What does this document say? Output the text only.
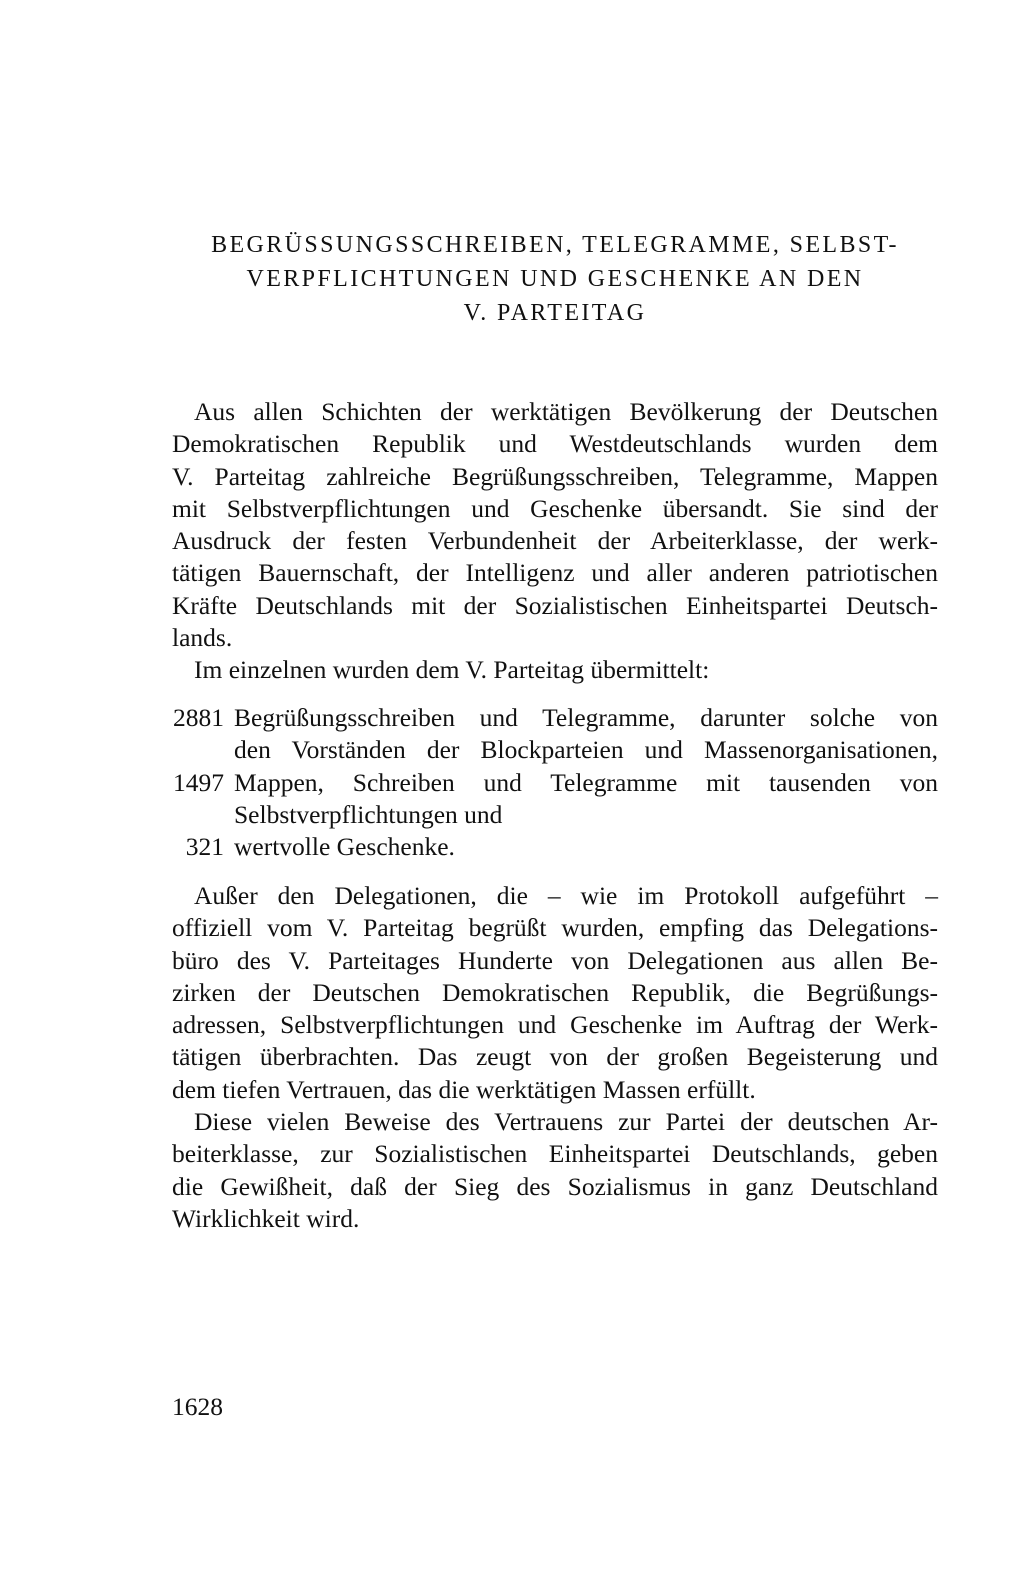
BEGRÜSSUNGSSCHREIBEN, TELEGRAMME, SELBST-
VERPFLICHTUNGEN UND GESCHENKE AN DEN
V. PARTEITAG

Aus allen Schichten der werktätigen Bevölkerung der Deutschen
Demokratischen Republik und Westdeutschlands wurden dem
V. Parteitag zahlreiche Begrüßungsschreiben, Telegramme, Mappen
mit Selbstverpflichtungen und Geschenke übersandt. Sie sind der
Ausdruck der festen Verbundenheit der Arbeiterklasse, der werk-
tätigen Bauernschaft, der Intelligenz und aller anderen patriotischen
Kräfte Deutschlands mit der Sozialistischen Einheitspartei Deutsch-
lands.

Im einzelnen wurden dem V. Parteitag übermittelt:

2881 Begrüßungsschreiben und Telegramme, darunter solche von
den Vorständen der Blockparteien und Massenorganisationen,
1497 Mappen, Schreiben und Telegramme mit tausenden von
Selbstverpflichtungen und
321 wertvolle Geschenke.

Außer den Delegationen, die – wie im Protokoll aufgeführt –
offiziell vom V. Parteitag begrüßt wurden, empfing das Delegations-
büro des V. Parteitages Hunderte von Delegationen aus allen Be-
zirken der Deutschen Demokratischen Republik, die Begrüßungs-
adressen, Selbstverpflichtungen und Geschenke im Auftrag der Werk-
tätigen überbrachten. Das zeugt von der großen Begeisterung und
dem tiefen Vertrauen, das die werktätigen Massen erfüllt.

Diese vielen Beweise des Vertrauens zur Partei der deutschen Ar-
beiterklasse, zur Sozialistischen Einheitspartei Deutschlands, geben
die Gewißheit, daß der Sieg des Sozialismus in ganz Deutschland
Wirklichkeit wird.

1628
